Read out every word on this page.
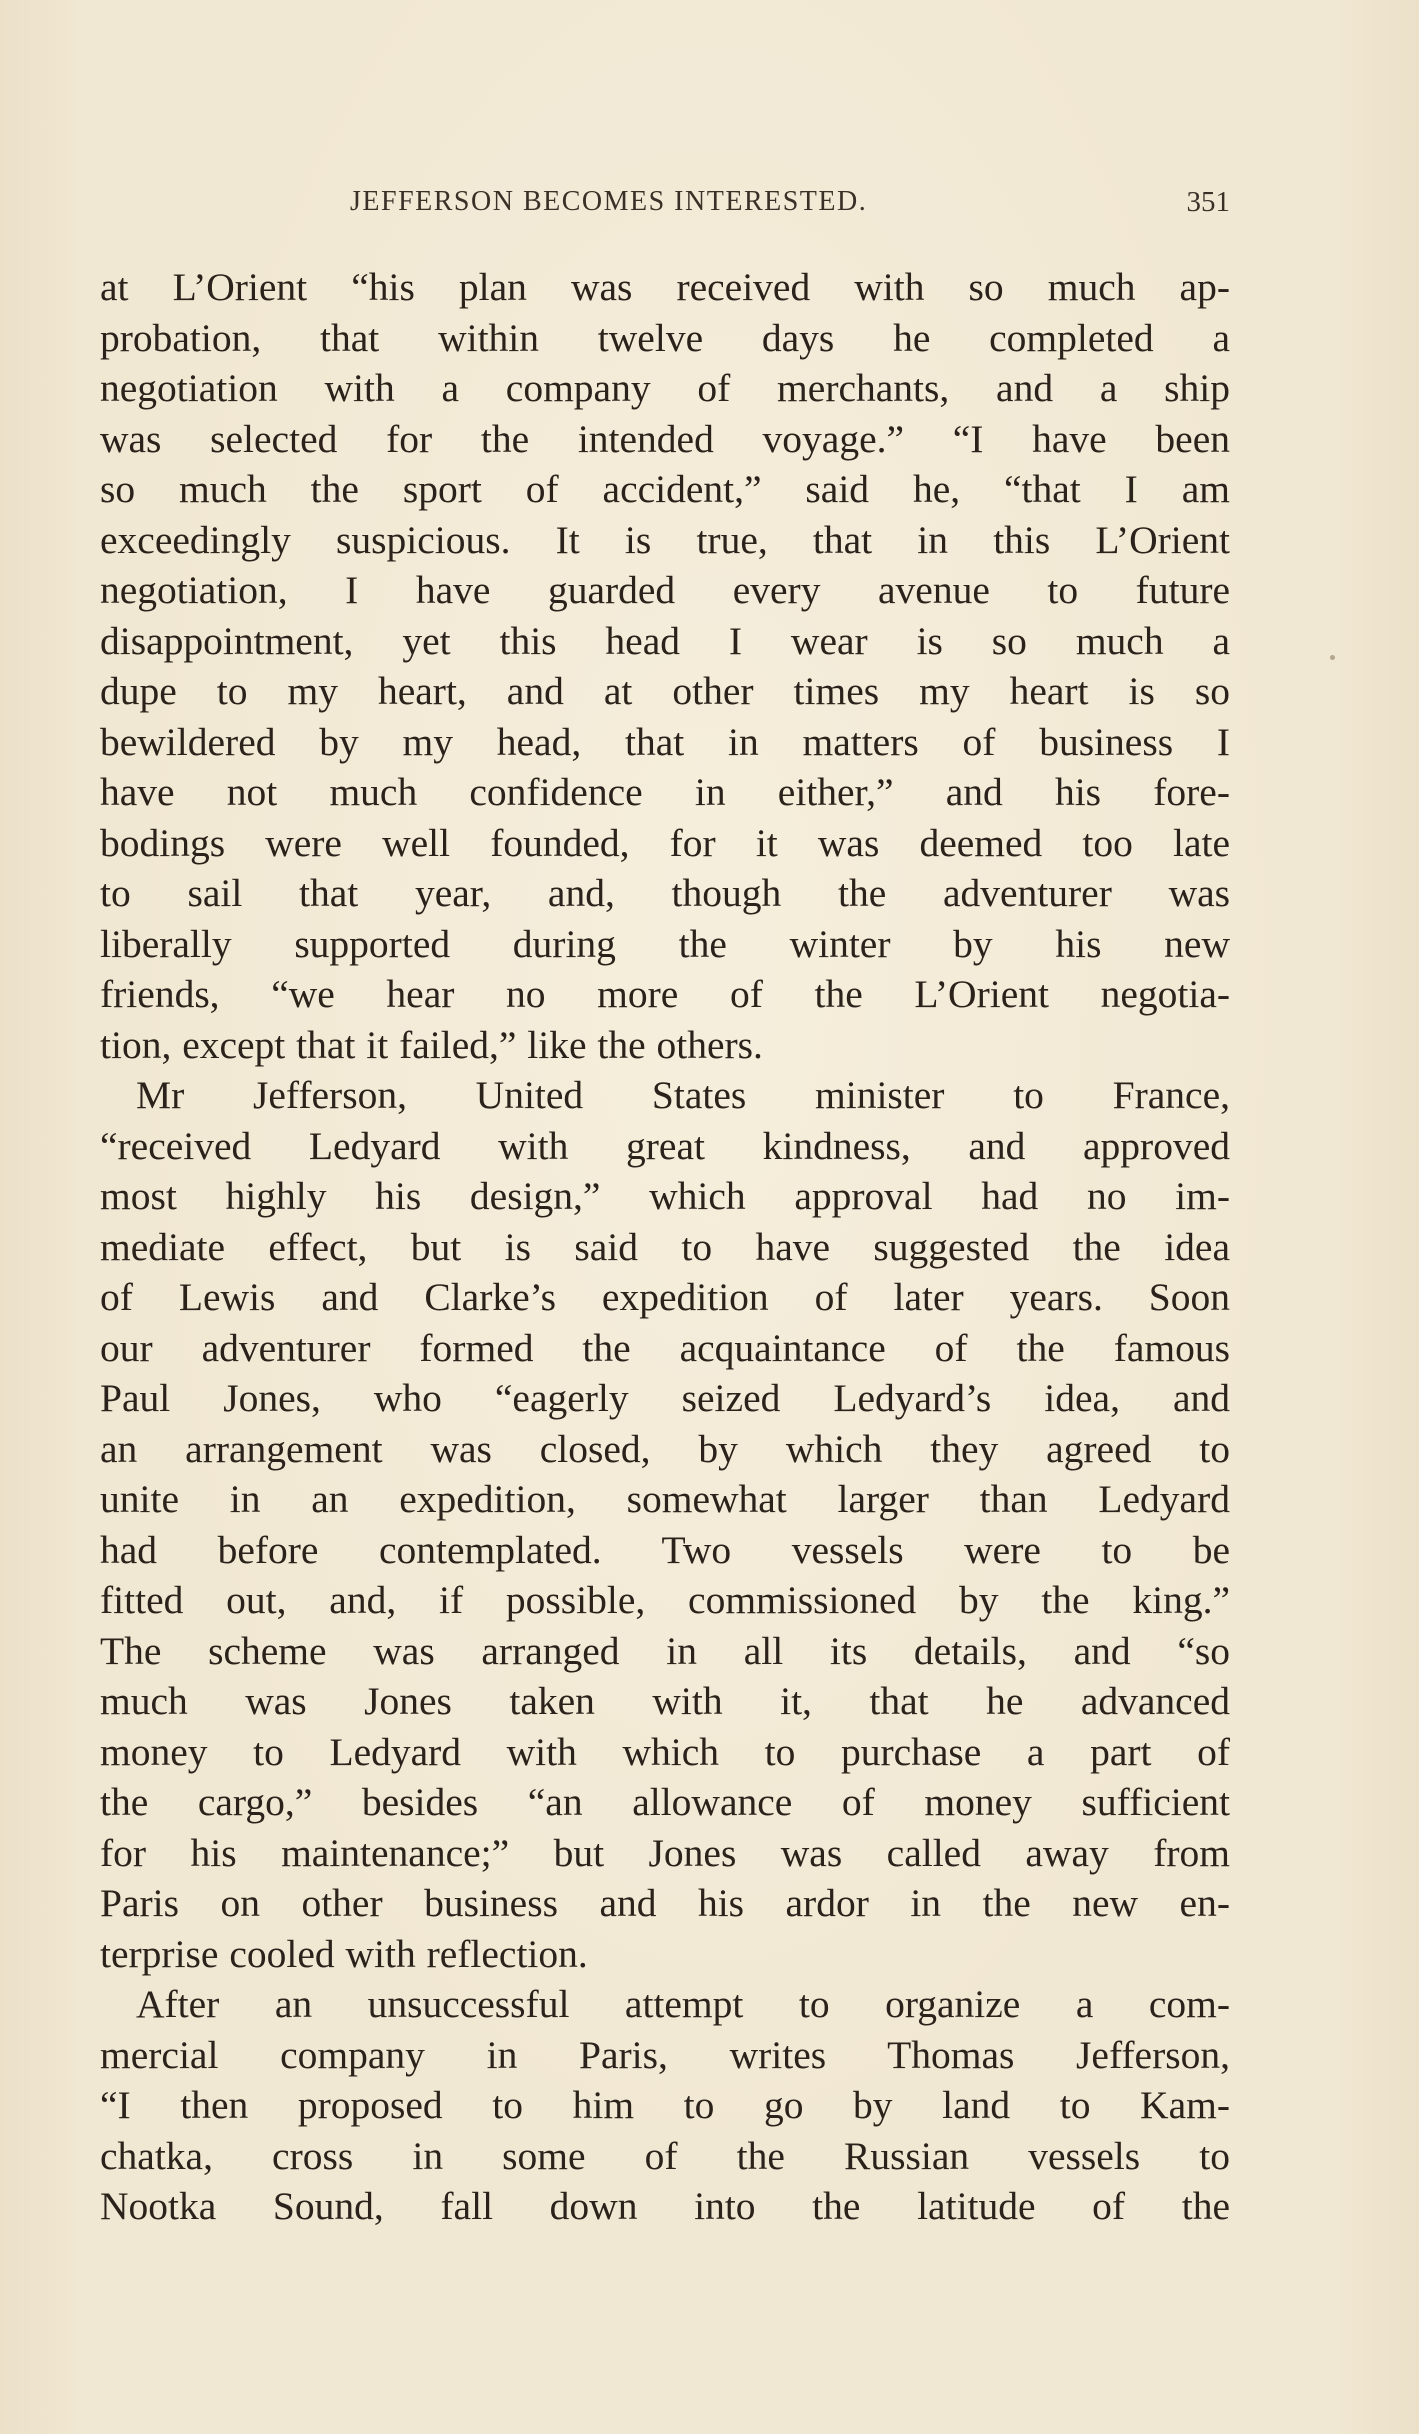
JEFFERSON BECOMES INTERESTED.	351
at L’Orient “his plan was received with so much ap-
probation, that within twelve days he completed a
negotiation with a company of merchants, and a ship
was selected for the intended voyage.” “I have been
so much the sport of accident,” said he, “that I am
exceedingly suspicious. It is true, that in this L’Orient
negotiation, I have guarded every avenue to future
disappointment, yet this head I wear is so much a
dupe to my heart, and at other times my heart is so
bewildered by my head, that in matters of business I
have not much confidence in either,” and his fore-
bodings were well founded, for it was deemed too late
to sail that year, and, though the adventurer was
liberally supported during the winter by his new
friends, “we hear no more of the L’Orient negotia-
tion, except that it failed,” like the others.
Mr Jefferson, United States minister to France,
“received Ledyard with great kindness, and approved
most highly his design,” which approval had no im-
mediate effect, but is said to have suggested the idea
of Lewis and Clarke’s expedition of later years. Soon
our adventurer formed the acquaintance of the famous
Paul Jones, who “eagerly seized Ledyard’s idea, and
an arrangement was closed, by which they agreed to
unite in an expedition, somewhat larger than Ledyard
had before contemplated. Two vessels were to be
fitted out, and, if possible, commissioned by the king.”
The scheme was arranged in all its details, and “so
much was Jones taken with it, that he advanced
money to Ledyard with which to purchase a part of
the cargo,” besides “an allowance of money sufficient
for his maintenance;” but Jones was called away from
Paris on other business and his ardor in the new en-
terprise cooled with reflection.
After an unsuccessful attempt to organize a com-
mercial company in Paris, writes Thomas Jefferson,
“I then proposed to him to go by land to Kam-
chatka, cross in some of the Russian vessels to
Nootka Sound, fall down into the latitude of the
